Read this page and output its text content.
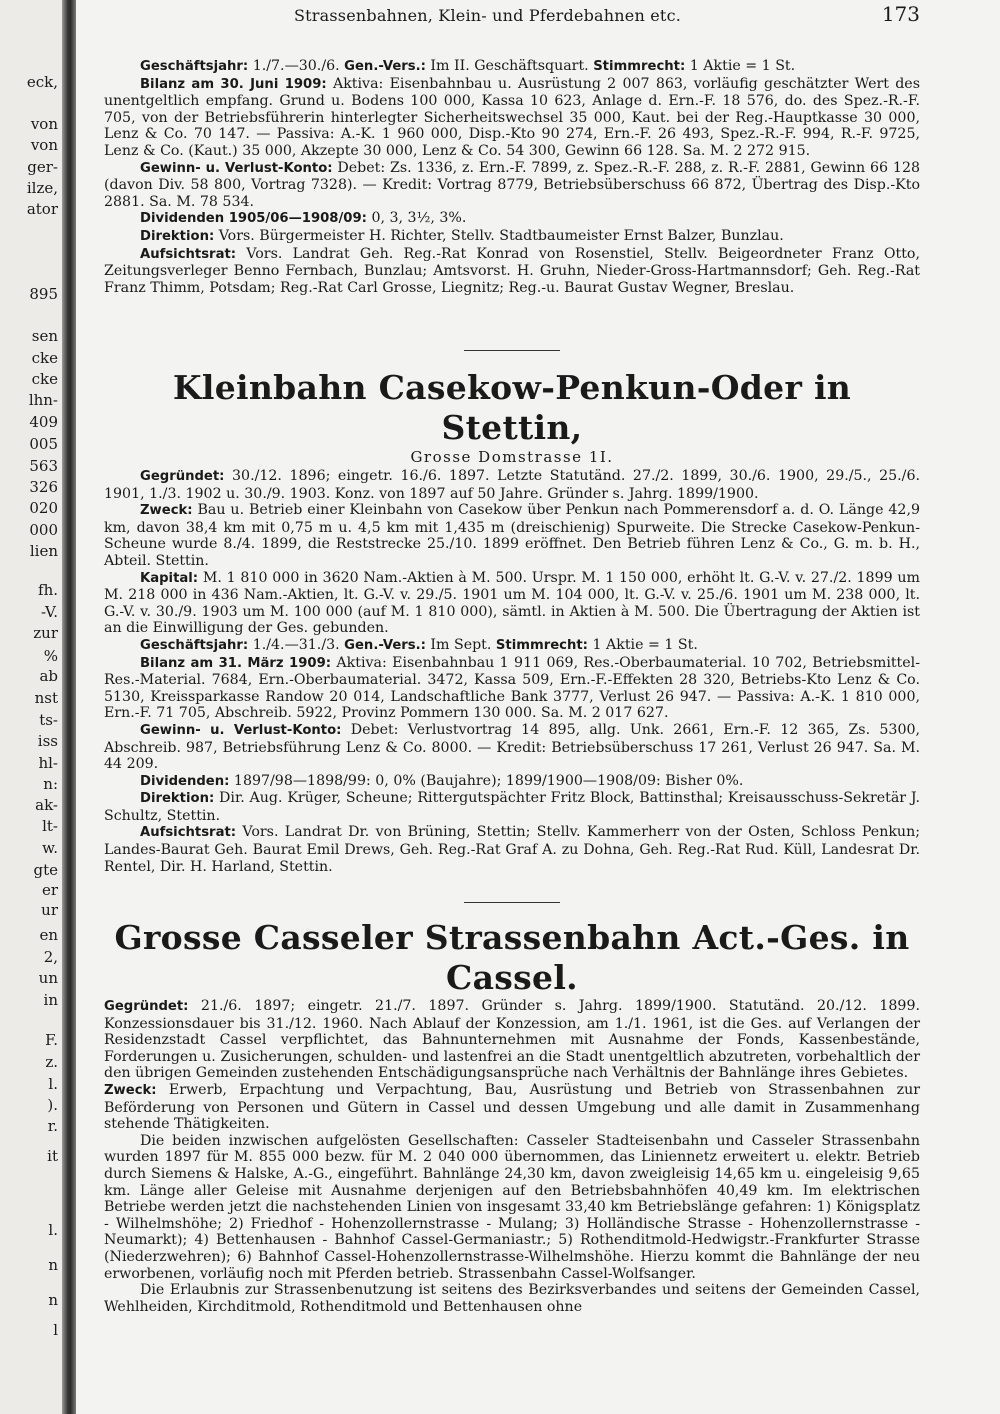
eck,
von
von
ger-
ilze,
ator
895
sen
cke
cke
lhn-
409
005
563
326
020
000
lien
fh.
-V.
zur
%
ab
nst
ts-
iss
hl-
n:
ak-
lt-
w.
gte
er
ur
en
2,
un
in
F.
z.
l.
).
r.
it
l.
n
n
l
Strassenbahnen, Klein- und Pferdebahnen etc.	173

Geschäftsjahr: 1./7.—30./6. Gen.-Vers.: Im II. Geschäftsquart. Stimmrecht: 1 Aktie = 1 St.

Bilanz am 30. Juni 1909: Aktiva: Eisenbahnbau u. Ausrüstung 2 007 863, vorläufig geschätzter Wert des unentgeltlich empfang. Grund u. Bodens 100 000, Kassa 10 623, Anlage d. Ern.-F. 18 576, do. des Spez.-R.-F. 705, von der Betriebsführerin hinterlegter Sicherheitswechsel 35 000, Kaut. bei der Reg.-Hauptkasse 30 000, Lenz & Co. 70 147. — Passiva: A.-K. 1 960 000, Disp.-Kto 90 274, Ern.-F. 26 493, Spez.-R.-F. 994, R.-F. 9725, Lenz & Co. (Kaut.) 35 000, Akzepte 30 000, Lenz & Co. 54 300, Gewinn 66 128. Sa. M. 2 272 915.

Gewinn- u. Verlust-Konto: Debet: Zs. 1336, z. Ern.-F. 7899, z. Spez.-R.-F. 288, z. R.-F. 2881, Gewinn 66 128 (davon Div. 58 800, Vortrag 7328). — Kredit: Vortrag 8779, Betriebsüberschuss 66 872, Übertrag des Disp.-Kto 2881. Sa. M. 78 534.

Dividenden 1905/06—1908/09: 0, 3, 3½, 3%.

Direktion: Vors. Bürgermeister H. Richter, Stellv. Stadtbaumeister Ernst Balzer, Bunzlau.

Aufsichtsrat: Vors. Landrat Geh. Reg.-Rat Konrad von Rosenstiel, Stellv. Beigeordneter Franz Otto, Zeitungsverleger Benno Fernbach, Bunzlau; Amtsvorst. H. Gruhn, Nieder-Gross-Hartmannsdorf; Geh. Reg.-Rat Franz Thimm, Potsdam; Reg.-Rat Carl Grosse, Liegnitz; Reg.-u. Baurat Gustav Wegner, Breslau.

Kleinbahn Casekow-Penkun-Oder in Stettin,
Grosse Domstrasse 1I.

Gegründet: 30./12. 1896; eingetr. 16./6. 1897. Letzte Statutänd. 27./2. 1899, 30./6. 1900, 29./5., 25./6. 1901, 1./3. 1902 u. 30./9. 1903. Konz. von 1897 auf 50 Jahre. Gründer s. Jahrg. 1899/1900.

Zweck: Bau u. Betrieb einer Kleinbahn von Casekow über Penkun nach Pommerensdorf a. d. O. Länge 42,9 km, davon 38,4 km mit 0,75 m u. 4,5 km mit 1,435 m (dreischienig) Spurweite. Die Strecke Casekow-Penkun-Scheune wurde 8./4. 1899, die Reststrecke 25./10. 1899 eröffnet. Den Betrieb führen Lenz & Co., G. m. b. H., Abteil. Stettin.

Kapital: M. 1 810 000 in 3620 Nam.-Aktien à M. 500. Urspr. M. 1 150 000, erhöht lt. G.-V. v. 27./2. 1899 um M. 218 000 in 436 Nam.-Aktien, lt. G.-V. v. 29./5. 1901 um M. 104 000, lt. G.-V. v. 25./6. 1901 um M. 238 000, lt. G.-V. v. 30./9. 1903 um M. 100 000 (auf M. 1 810 000), sämtl. in Aktien à M. 500. Die Übertragung der Aktien ist an die Einwilligung der Ges. gebunden.

Geschäftsjahr: 1./4.—31./3. Gen.-Vers.: Im Sept. Stimmrecht: 1 Aktie = 1 St.

Bilanz am 31. März 1909: Aktiva: Eisenbahnbau 1 911 069, Res.-Oberbaumaterial. 10 702, Betriebsmittel-Res.-Material. 7684, Ern.-Oberbaumaterial. 3472, Kassa 509, Ern.-F.-Effekten 28 320, Betriebs-Kto Lenz & Co. 5130, Kreissparkasse Randow 20 014, Landschaftliche Bank 3777, Verlust 26 947. — Passiva: A.-K. 1 810 000, Ern.-F. 71 705, Abschreib. 5922, Provinz Pommern 130 000. Sa. M. 2 017 627.

Gewinn- u. Verlust-Konto: Debet: Verlustvortrag 14 895, allg. Unk. 2661, Ern.-F. 12 365, Zs. 5300, Abschreib. 987, Betriebsführung Lenz & Co. 8000. — Kredit: Betriebsüberschuss 17 261, Verlust 26 947. Sa. M. 44 209.

Dividenden: 1897/98—1898/99: 0, 0% (Baujahre); 1899/1900—1908/09: Bisher 0%.

Direktion: Dir. Aug. Krüger, Scheune; Rittergutspächter Fritz Block, Battinsthal; Kreisausschuss-Sekretär J. Schultz, Stettin.

Aufsichtsrat: Vors. Landrat Dr. von Brüning, Stettin; Stellv. Kammerherr von der Osten, Schloss Penkun; Landes-Baurat Geh. Baurat Emil Drews, Geh. Reg.-Rat Graf A. zu Dohna, Geh. Reg.-Rat Rud. Küll, Landesrat Dr. Rentel, Dir. H. Harland, Stettin.

Grosse Casseler Strassenbahn Act.-Ges. in Cassel.

Gegründet: 21./6. 1897; eingetr. 21./7. 1897. Gründer s. Jahrg. 1899/1900. Statutänd. 20./12. 1899. Konzessionsdauer bis 31./12. 1960. Nach Ablauf der Konzession, am 1./1. 1961, ist die Ges. auf Verlangen der Residenzstadt Cassel verpflichtet, das Bahnunternehmen mit Ausnahme der Fonds, Kassenbestände, Forderungen u. Zusicherungen, schulden- und lastenfrei an die Stadt unentgeltlich abzutreten, vorbehaltlich der den übrigen Gemeinden zustehenden Entschädigungsansprüche nach Verhältnis der Bahnlänge ihres Gebietes.

Zweck: Erwerb, Erpachtung und Verpachtung, Bau, Ausrüstung und Betrieb von Strassenbahnen zur Beförderung von Personen und Gütern in Cassel und dessen Umgebung und alle damit in Zusammenhang stehende Thätigkeiten.

Die beiden inzwischen aufgelösten Gesellschaften: Casseler Stadteisenbahn und Casseler Strassenbahn wurden 1897 für M. 855 000 bezw. für M. 2 040 000 übernommen, das Liniennetz erweitert u. elektr. Betrieb durch Siemens & Halske, A.-G., eingeführt. Bahnlänge 24,30 km, davon zweigleisig 14,65 km u. eingeleisig 9,65 km. Länge aller Geleise mit Ausnahme derjenigen auf den Betriebsbahnhöfen 40,49 km. Im elektrischen Betriebe werden jetzt die nachstehenden Linien von insgesamt 33,40 km Betriebslänge gefahren: 1) Königsplatz - Wilhelmshöhe; 2) Friedhof - Hohenzollernstrasse - Mulang; 3) Holländische Strasse - Hohenzollernstrasse - Neumarkt); 4) Bettenhausen - Bahnhof Cassel-Germaniastr.; 5) Rothenditmold-Hedwigstr.-Frankfurter Strasse (Niederzwehren); 6) Bahnhof Cassel-Hohenzollernstrasse-Wilhelmshöhe. Hierzu kommt die Bahnlänge der neu erworbenen, vorläufig noch mit Pferden betrieb. Strassenbahn Cassel-Wolfsanger.

Die Erlaubnis zur Strassenbenutzung ist seitens des Bezirksverbandes und seitens der Gemeinden Cassel, Wehlheiden, Kirchditmold, Rothenditmold und Bettenhausen ohne
